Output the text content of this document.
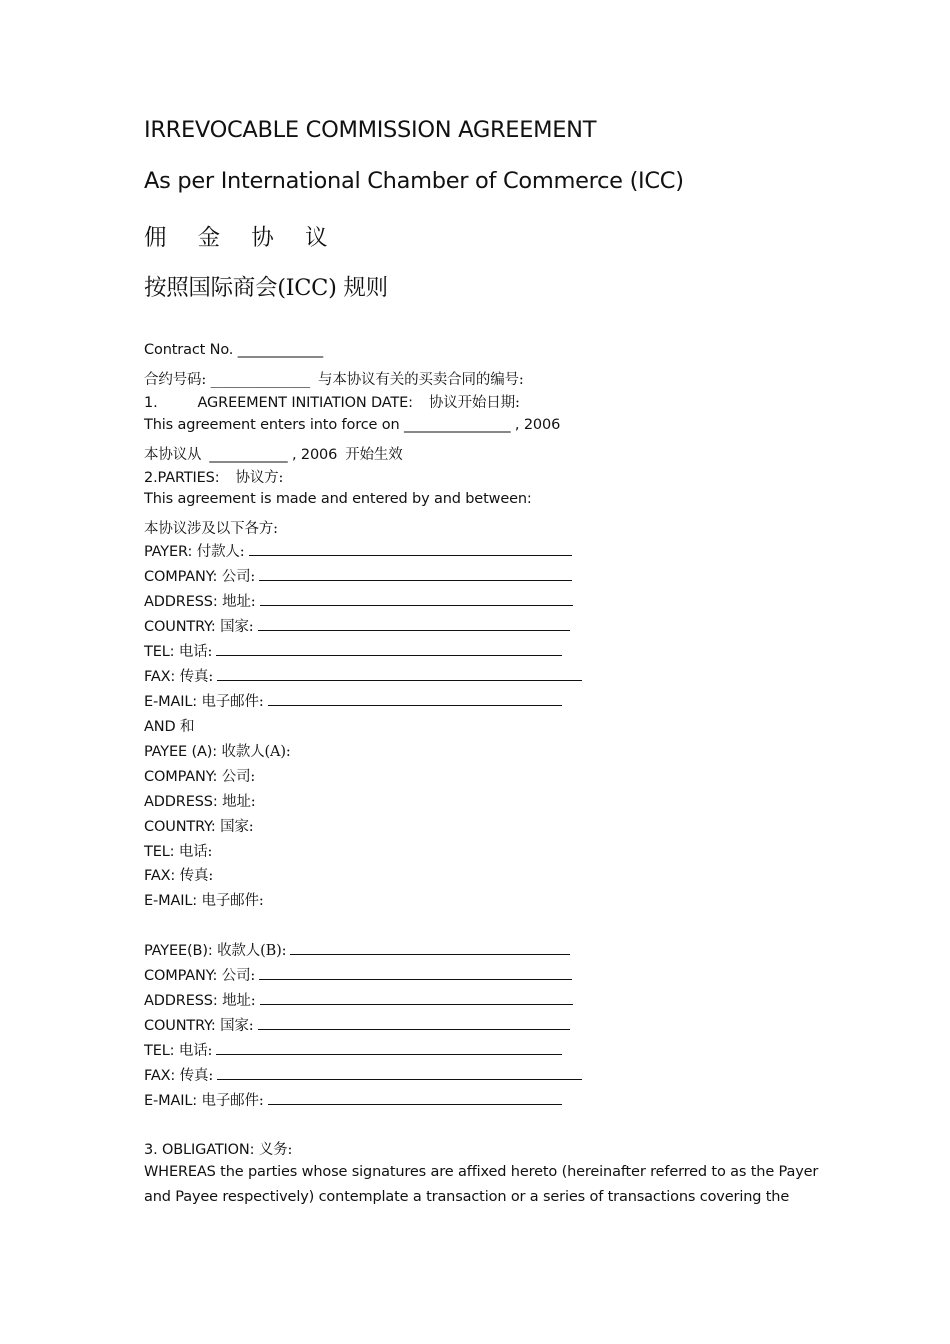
IRREVOCABLE COMMISSION AGREEMENT
As per International Chamber of Commerce (ICC)
佣 金 协 议
按照国际商会(ICC) 规则
Contract No. ____________
合约号码: ______________ 与本协议有关的买卖合同的编号:
1.	AGREEMENT INITIATION DATE: 协议开始日期:
This agreement enters into force on _______________ , 2006
本协议从 ___________ , 2006 开始生效
2.PARTIES: 协议方:
This agreement is made and entered by and between:
本协议涉及以下各方:
PAYER: 付款人:
COMPANY: 公司:
ADDRESS: 地址:
COUNTRY: 国家:
TEL: 电话:
FAX: 传真:
E-MAIL: 电子邮件:
AND 和
PAYEE (A): 收款人(A):
COMPANY: 公司:
ADDRESS: 地址:
COUNTRY: 国家:
TEL: 电话:
FAX: 传真:
E-MAIL: 电子邮件:
PAYEE(B): 收款人(B):
COMPANY: 公司:
ADDRESS: 地址:
COUNTRY: 国家:
TEL: 电话:
FAX: 传真:
E-MAIL: 电子邮件:
3. OBLIGATION: 义务:
WHEREAS the parties whose signatures are affixed hereto (hereinafter referred to as the Payer
and Payee respectively) contemplate a transaction or a series of transactions covering the
